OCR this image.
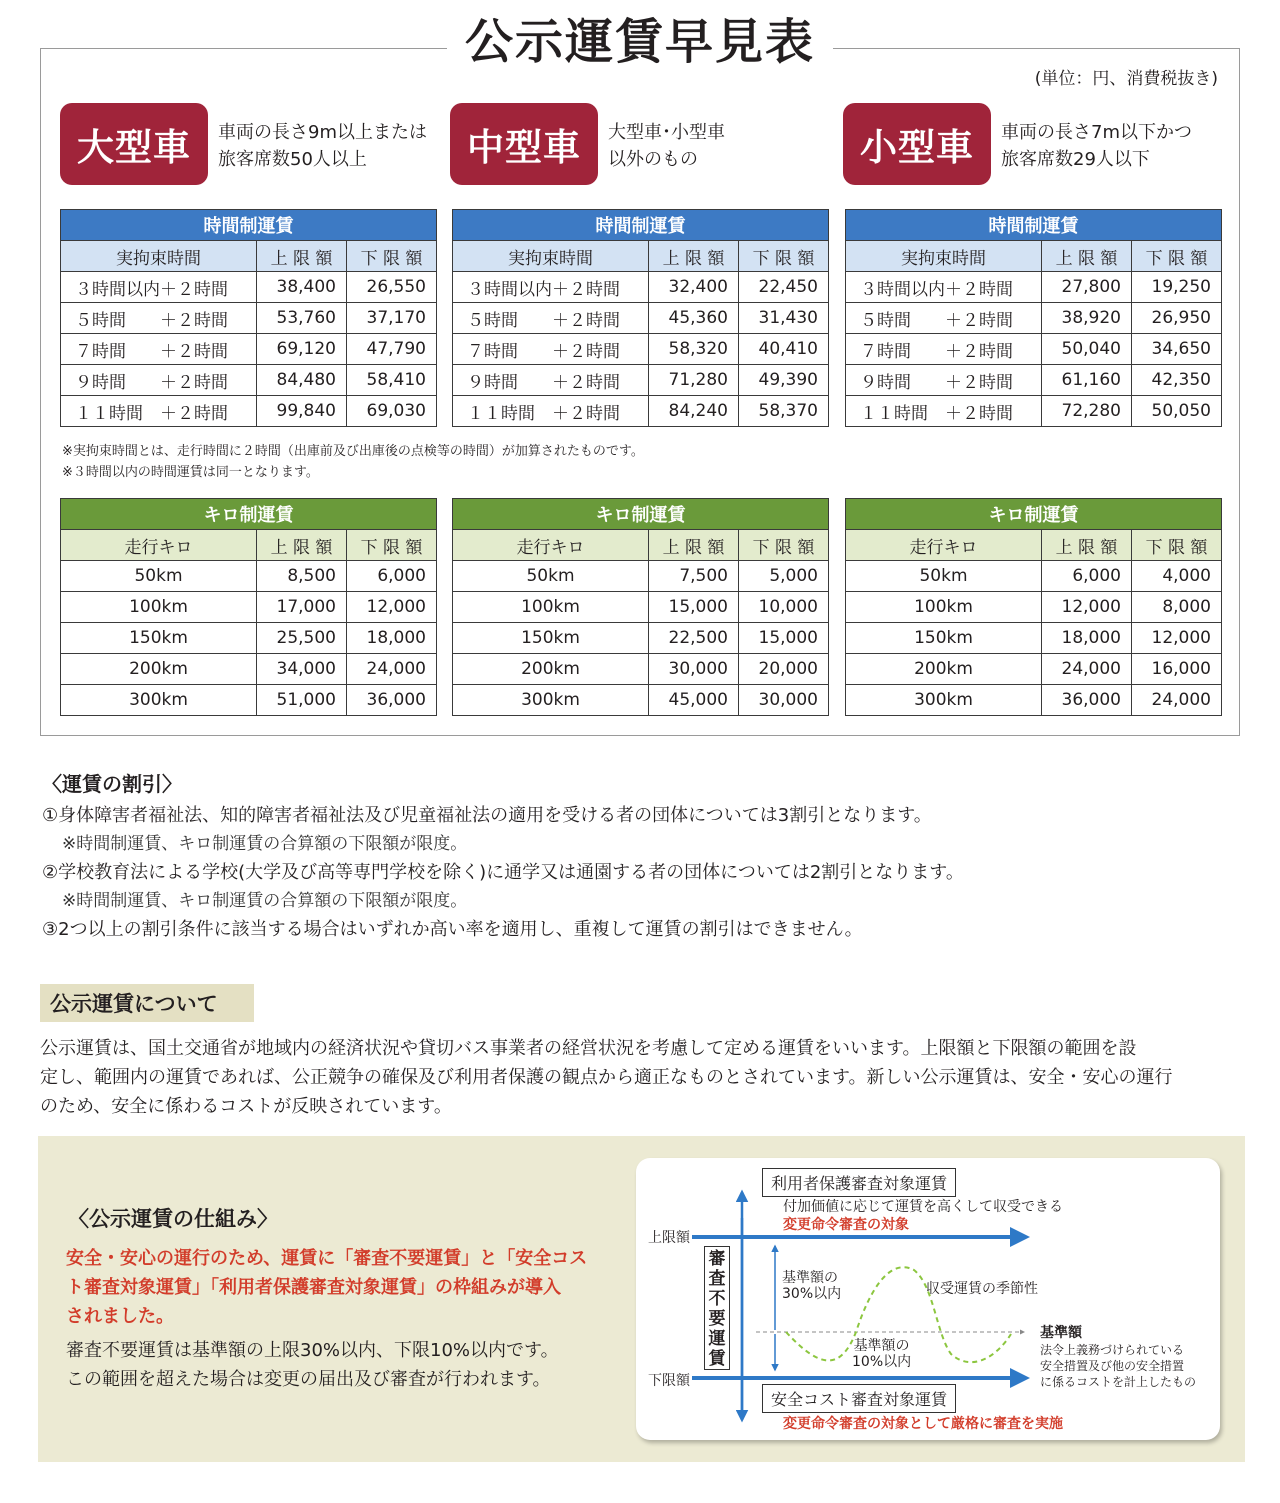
公示運賃早見表
(単位：円、消費税抜き)
大型車	車両の長さ9m以上または
旅客席数50人以上	中型車	大型車･小型車
以外のもの	小型車	車両の長さ7m以下かつ
旅客席数29人以下
時間制運賃		
実拘束時間	上 限 額	下 限 額
３時間以内＋２時間	38,400	26,550
５時間　　＋２時間	53,760	37,170
７時間　　＋２時間	69,120	47,790
９時間　　＋２時間	84,480	58,410
１１時間　＋２時間	99,840	69,030
時間制運賃		
実拘束時間	上 限 額	下 限 額
３時間以内＋２時間	32,400	22,450
５時間　　＋２時間	45,360	31,430
７時間　　＋２時間	58,320	40,410
９時間　　＋２時間	71,280	49,390
１１時間　＋２時間	84,240	58,370
時間制運賃		
実拘束時間	上 限 額	下 限 額
３時間以内＋２時間	27,800	19,250
５時間　　＋２時間	38,920	26,950
７時間　　＋２時間	50,040	34,650
９時間　　＋２時間	61,160	42,350
１１時間　＋２時間	72,280	50,050
キロ制運賃		
走行キロ	上 限 額	下 限 額
50km	8,500	6,000
100km	17,000	12,000
150km	25,500	18,000
200km	34,000	24,000
300km	51,000	36,000
キロ制運賃		
走行キロ	上 限 額	下 限 額
50km	7,500	5,000
100km	15,000	10,000
150km	22,500	15,000
200km	30,000	20,000
300km	45,000	30,000
キロ制運賃		
走行キロ	上 限 額	下 限 額
50km	6,000	4,000
100km	12,000	8,000
150km	18,000	12,000
200km	24,000	16,000
300km	36,000	24,000
※実拘束時間とは、走行時間に２時間（出庫前及び出庫後の点検等の時間）が加算されたものです。
※３時間以内の時間運賃は同一となります。
〈運賃の割引〉
①身体障害者福祉法、知的障害者福祉法及び児童福祉法の適用を受ける者の団体については3割引となります。
※時間制運賃、キロ制運賃の合算額の下限額が限度。
②学校教育法による学校(大学及び高等専門学校を除く)に通学又は通園する者の団体については2割引となります。
※時間制運賃、キロ制運賃の合算額の下限額が限度。
③2つ以上の割引条件に該当する場合はいずれか高い率を適用し、重複して運賃の割引はできません。
公示運賃について
公示運賃は、国土交通省が地域内の経済状況や貸切バス事業者の経営状況を考慮して定める運賃をいいます。上限額と下限額の範囲を設
定し、範囲内の運賃であれば、公正競争の確保及び利用者保護の観点から適正なものとされています。新しい公示運賃は、安全・安心の運行
のため、安全に係わるコストが反映されています。
〈公示運賃の仕組み〉
安全・安心の運行のため、運賃に「審査不要運賃」と「安全コス
ト審査対象運賃」「利用者保護審査対象運賃」の枠組みが導入
されました。
審査不要運賃は基準額の上限30%以内、下限10%以内です。
この範囲を超えた場合は変更の届出及び審査が行われます。
利用者保護審査対象運賃
付加価値に応じて運賃を高くして収受できる
変更命令審査の対象
上限額
下限額
審
査
不
要
運
賃
基準額の
30%以内	収受運賃の季節性
基準額の
10%以内
基準額
法令上義務づけられている
安全措置及び他の安全措置
に係るコストを計上したもの
安全コスト審査対象運賃
変更命令審査の対象として厳格に審査を実施
